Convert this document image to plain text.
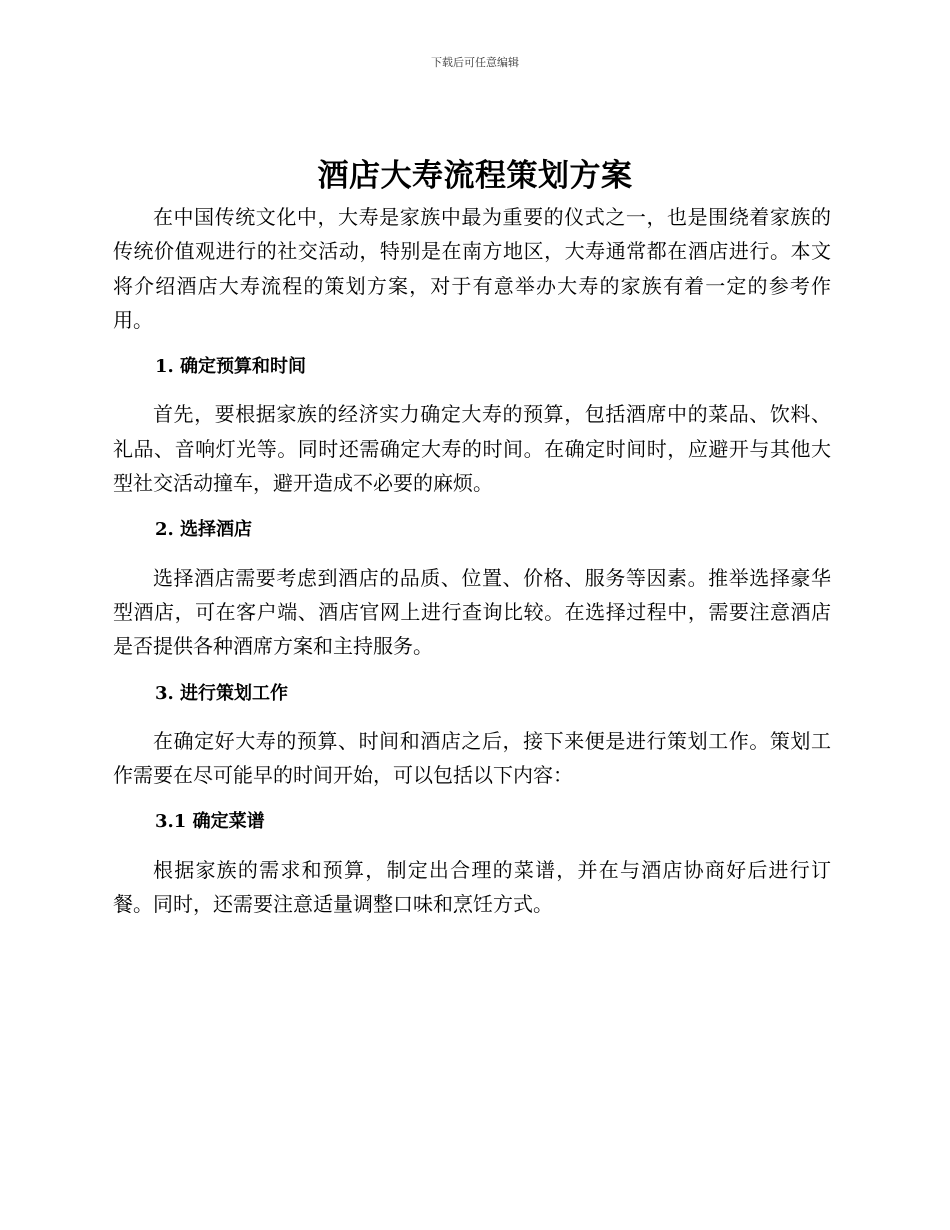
下载后可任意编辑
酒店大寿流程策划方案

在中国传统文化中，大寿是家族中最为重要的仪式之一，也是围绕着家族的传统价值观进行的社交活动，特别是在南方地区，大寿通常都在酒店进行。本文将介绍酒店大寿流程的策划方案，对于有意举办大寿的家族有着一定的参考作用。

1. 确定预算和时间

首先，要根据家族的经济实力确定大寿的预算，包括酒席中的菜品、饮料、礼品、音响灯光等。同时还需确定大寿的时间。在确定时间时，应避开与其他大型社交活动撞车，避开造成不必要的麻烦。

2. 选择酒店

选择酒店需要考虑到酒店的品质、位置、价格、服务等因素。推举选择豪华型酒店，可在客户端、酒店官网上进行查询比较。在选择过程中，需要注意酒店是否提供各种酒席方案和主持服务。

3. 进行策划工作

在确定好大寿的预算、时间和酒店之后，接下来便是进行策划工作。策划工作需要在尽可能早的时间开始，可以包括以下内容：

3.1 确定菜谱

根据家族的需求和预算，制定出合理的菜谱，并在与酒店协商好后进行订餐。同时，还需要注意适量调整口味和烹饪方式。
